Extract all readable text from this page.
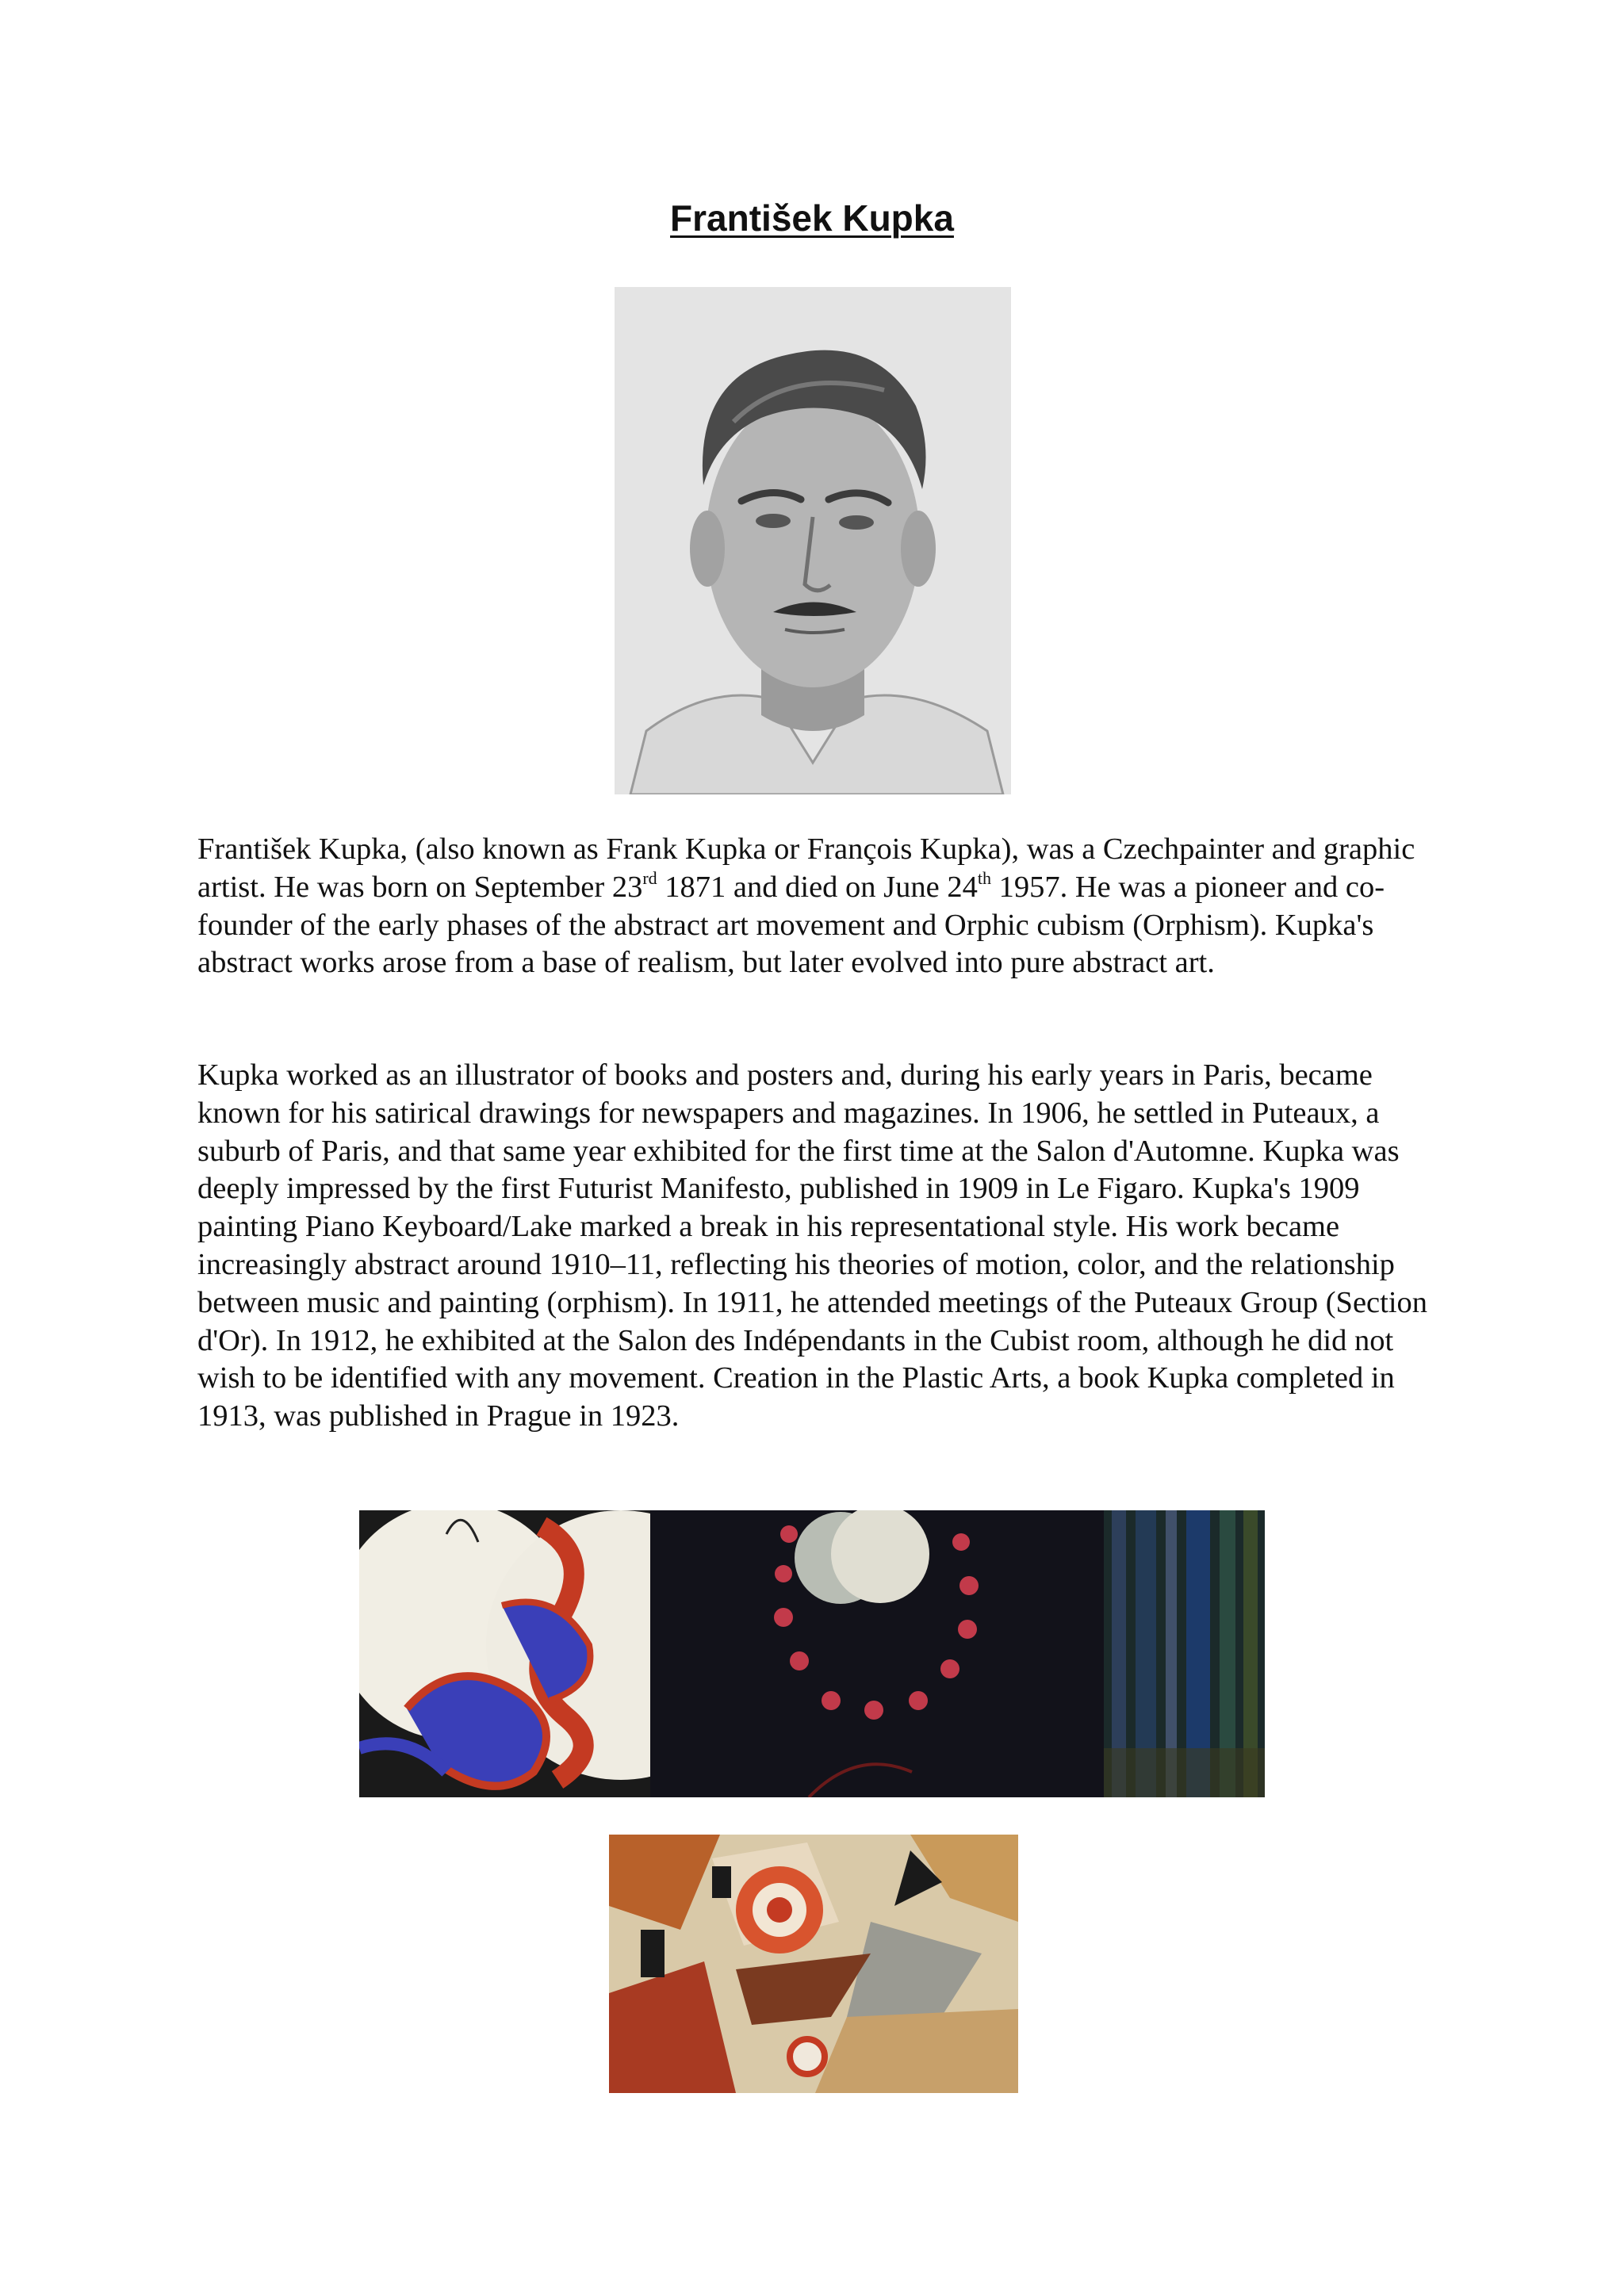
František Kupka

František Kupka, (also known as Frank Kupka or François Kupka), was a Czechpainter and graphic artist. He was born on September 23rd 1871 and died on June 24th 1957. He was a pioneer and co-founder of the early phases of the abstract art movement and Orphic cubism (Orphism). Kupka's abstract works arose from a base of realism, but later evolved into pure abstract art.

Kupka worked as an illustrator of books and posters and, during his early years in Paris, became known for his satirical drawings for newspapers and magazines. In 1906, he settled in Puteaux, a suburb of Paris, and that same year exhibited for the first time at the Salon d'Automne. Kupka was deeply impressed by the first Futurist Manifesto, published in 1909 in Le Figaro. Kupka's 1909 painting Piano Keyboard/Lake marked a break in his representational style. His work became increasingly abstract around 1910–11, reflecting his theories of motion, color, and the relationship between music and painting (orphism). In 1911, he attended meetings of the Puteaux Group (Section d'Or). In 1912, he exhibited at the Salon des Indépendants in the Cubist room, although he did not wish to be identified with any movement. Creation in the Plastic Arts, a book Kupka completed in 1913, was published in Prague in 1923.
